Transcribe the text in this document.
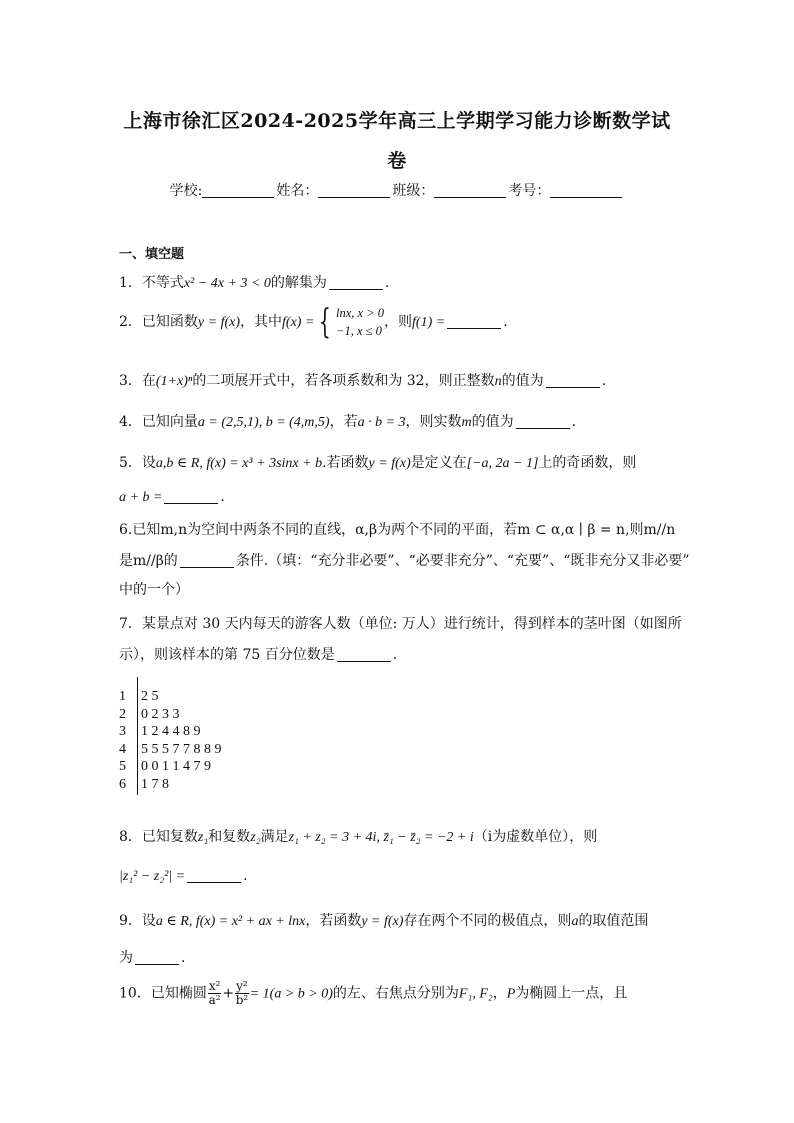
上海市徐汇区2024-2025学年高三上学期学习能力诊断数学试
卷
学校:	姓名：	班级：	考号：
一、填空题
1．不等式x² − 4x + 3 < 0的解集为	.
2．已知函数y = f(x)，其中f(x) = { lnx, x > 0
−1, x ≤ 0
，则f(1) =	.
3．在(1+x)ⁿ的二项展开式中，若各项系数和为 32，则正整数n的值为	.
4．已知向量a = (2,5,1), b = (4,m,5)，若a · b = 3，则实数m的值为	.
5．设a,b ∈ R, f(x) = x³ + 3sinx + b.若函数y = f(x)是定义在[−a, 2a − 1]上的奇函数，则
a + b =	.
6.已知m,n为空间中两条不同的直线，α,β为两个不同的平面，若m ⊂ α,α ∣ β = n,则m//n
是m//β的	条件.（填：“充分非必要”、“必要非充分”、“充要”、“既非充分又非必要”
中的一个）
7．某景点对 30 天内每天的游客人数（单位: 万人）进行统计，得到样本的茎叶图（如图所
示），则该样本的第 75 百分位数是	.
1 2 5
2 0 2 3 3
3 1 2 4 4 8 9
4 5 5 5 7 7 8 8 9
5 0 0 1 1 4 7 9
6 1 7 8
8．已知复数z₁和复数z₂满足z₁ + z₂ = 3 + 4i, z̄₁ − z̄₂ = −2 + i（i为虚数单位），则
|z₁² − z₂²| =	.
9．设a ∈ R, f(x) = x² + ax + lnx，若函数y = f(x)存在两个不同的极值点，则a的取值范围
为	.
10．已知椭圆 $\frac{\text{x²}}{\text{a²}} + \frac{\text{y²}}{\text{b²}} = 1(a > b > 0)$的左、右焦点分别为F₁, F₂，P为椭圆上一点，且
